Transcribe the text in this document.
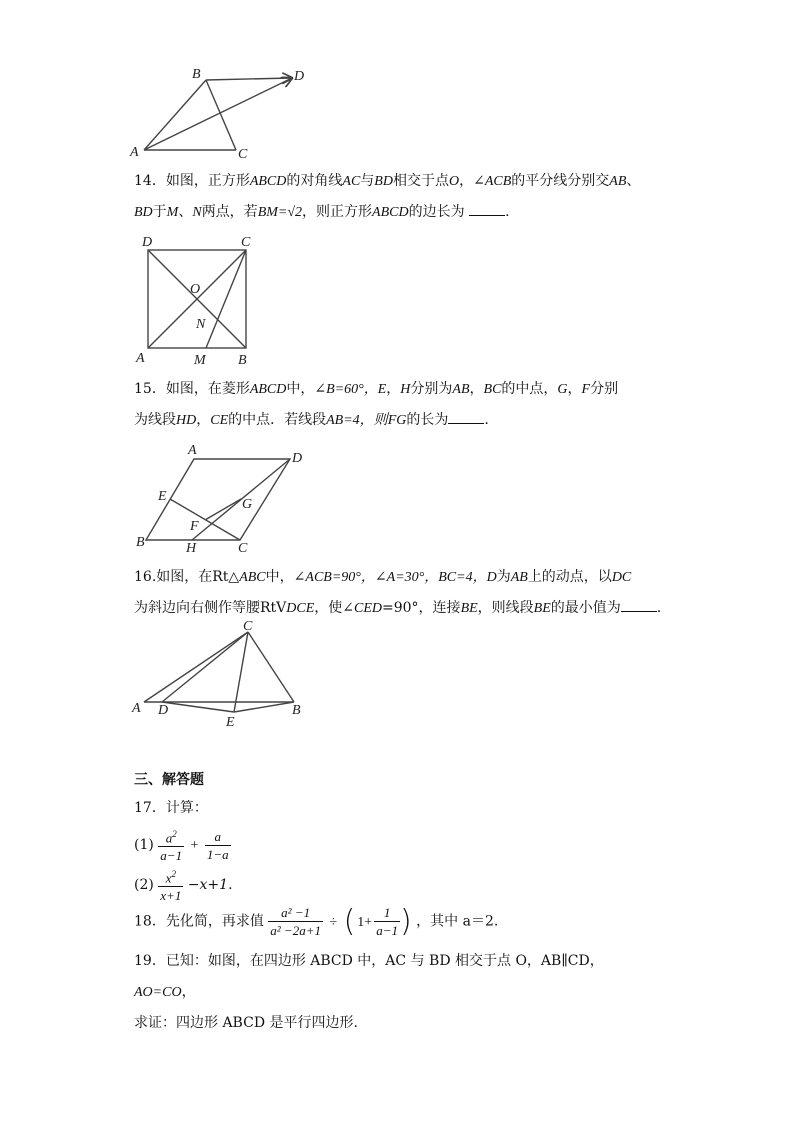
A
B
C
D
14．如图，正方形ABCD的对角线AC与BD相交于点O，∠ACB的平分线分别交AB、
BD于M、N两点，若BM=√2，则正方形ABCD的边长为	.
D	C
O
N
A	M B
15．如图，在菱形ABCD中，∠B=60°，E，H分别为AB，BC的中点，G，F分别
为线段HD，CE的中点．若线段AB=4，则FG的长为	.
A
D
E
G
F
B	H	C
16.如图，在Rt△ABC中，∠ACB=90°，∠A=30°，BC=4，D为AB上的动点，以DC
为斜边向右侧作等腰RtVDCE，使∠CED=90°，连接BE，则线段BE的最小值为	.
C
A D
E
B
三、解答题
17．计算：
$(1) \frac{a^2}{a-1} + \frac{a}{1-a}$
$(2) \frac{x^2}{x+1} -x+1$.
18．先化简，再求值 $\frac{\text{a² −1}}{\text{a² −2a+1}}$ ÷ ( $1+ \frac{1}{a-1}$ ) ，其中 a＝2.
19．已知：如图，在四边形 ABCD 中，AC 与 BD 相交于点 O，AB∥CD，AO=CO，
求证：四边形 ABCD 是平行四边形.
